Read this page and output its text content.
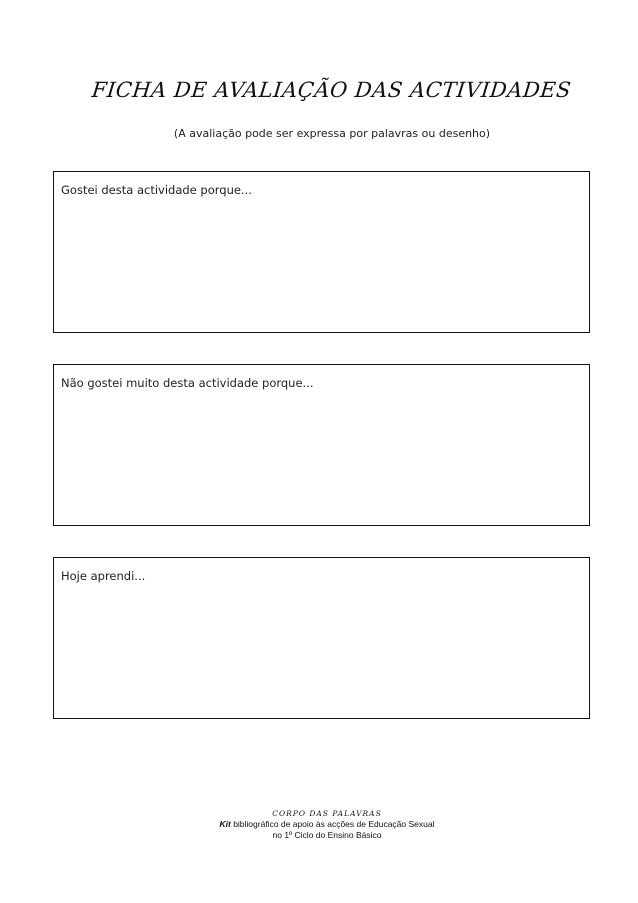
FICHA DE AVALIAÇÃO DAS ACTIVIDADES
(A avaliação pode ser expressa por palavras ou desenho)
Gostei desta actividade porque...
Não gostei muito desta actividade porque...
Hoje aprendi...
CORPO DAS PALAVRAS
Kit bibliográfico de apoio às acções de Educação Sexual
no 1º Ciclo do Ensino Básico
